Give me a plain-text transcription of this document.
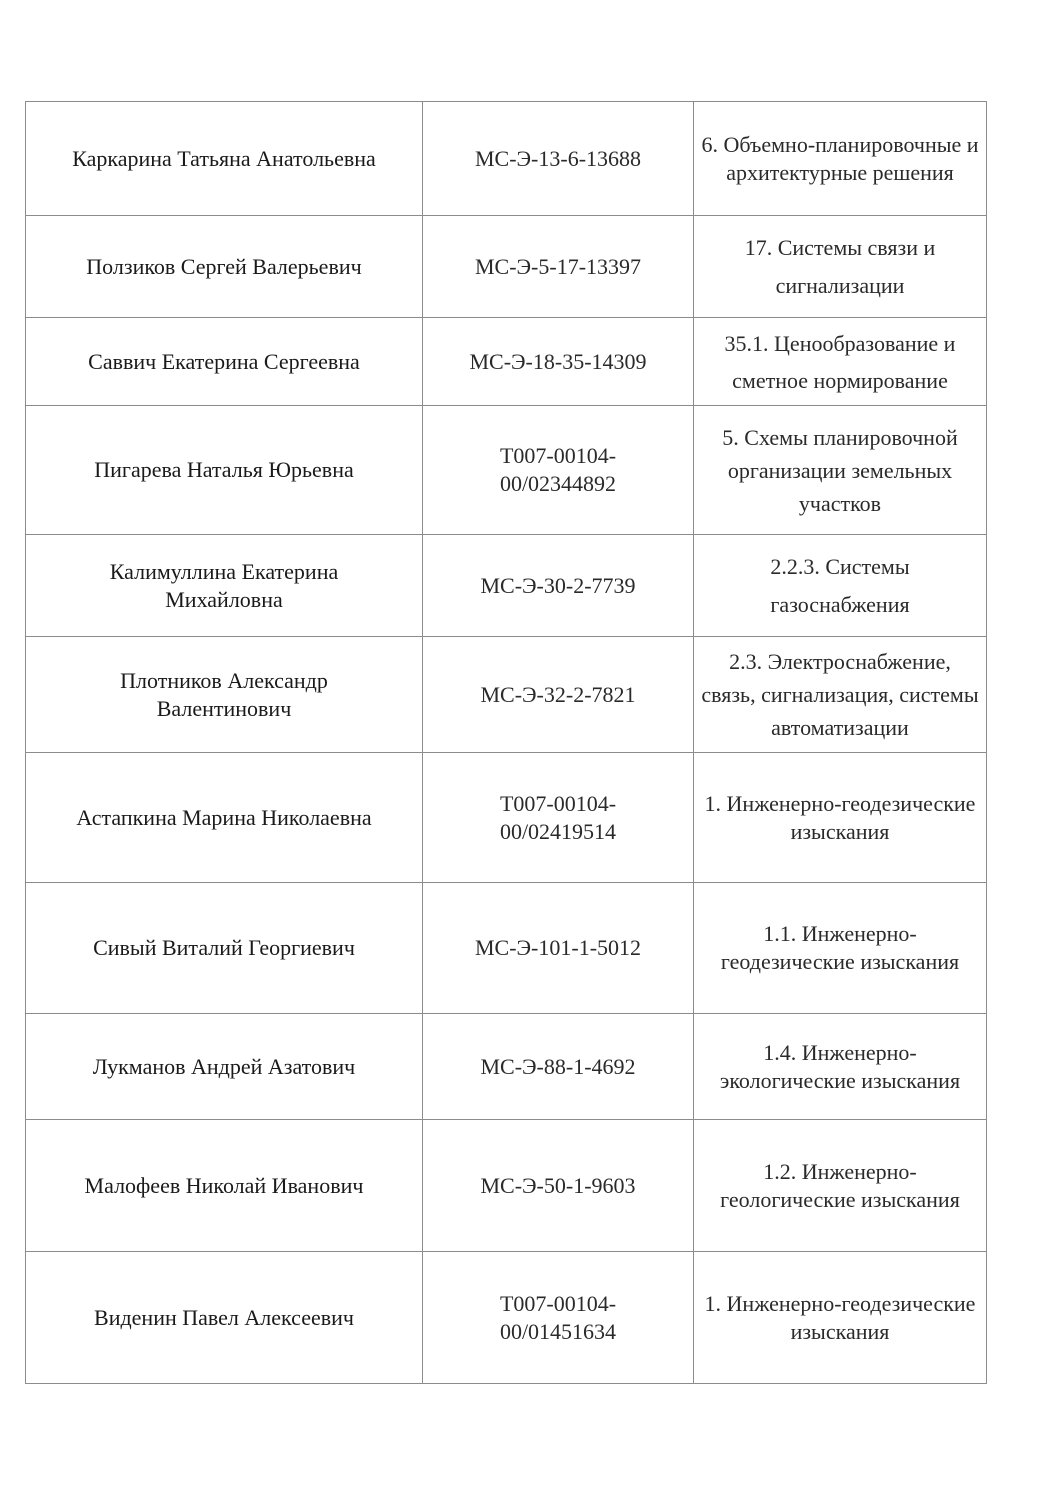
Каркарина Татьяна Анатольевна	МС-Э-13-6-13688	6. Объемно-планировочные и архитектурные решения

Ползиков Сергей Валерьевич	МС-Э-5-17-13397	17. Системы связи и сигнализации

Саввич Екатерина Сергеевна	МС-Э-18-35-14309	35.1. Ценообразование и сметное нормирование

Пигарева Наталья Юрьевна	Т007-00104-00/02344892	5. Схемы планировочной организации земельных участков

Калимуллина Екатерина Михайловна	МС-Э-30-2-7739	2.2.3. Системы газоснабжения

Плотников Александр Валентинович	МС-Э-32-2-7821	2.3. Электроснабжение, связь, сигнализация, системы автоматизации

Астапкина Марина Николаевна	Т007-00104-00/02419514	1. Инженерно-геодезические изыскания

Сивый Виталий Георгиевич	МС-Э-101-1-5012	1.1. Инженерно-геодезические изыскания

Лукманов Андрей Азатович	МС-Э-88-1-4692	1.4. Инженерно-экологические изыскания

Малофеев Николай Иванович	МС-Э-50-1-9603	1.2. Инженерно-геологические изыскания

Виденин Павел Алексеевич	Т007-00104-00/01451634	1. Инженерно-геодезические изыскания
